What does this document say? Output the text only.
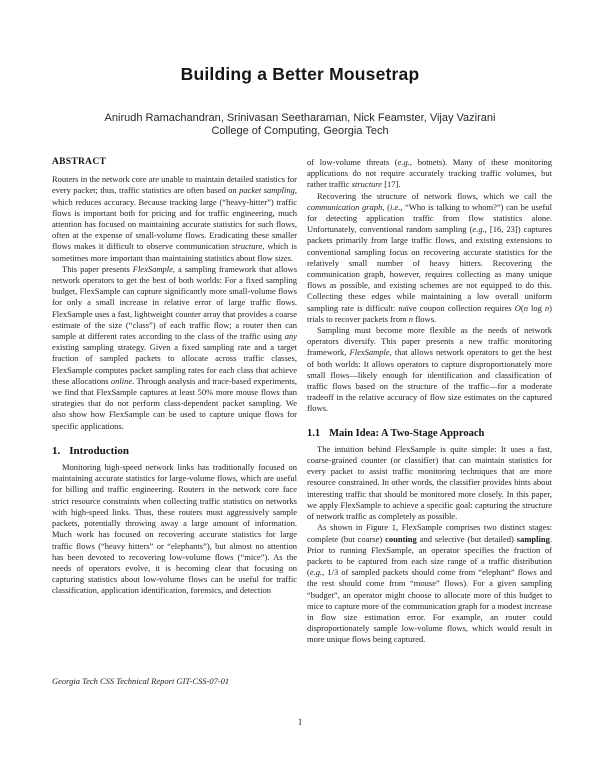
Building a Better Mousetrap
Anirudh Ramachandran, Srinivasan Seetharaman, Nick Feamster, Vijay Vazirani
College of Computing, Georgia Tech
ABSTRACT

Routers in the network core are unable to maintain detailed statistics for every packet; thus, traffic statistics are often based on packet sampling, which reduces accuracy. Because tracking large (“heavy-hitter”) traffic flows is important both for pricing and for traffic engineering, much attention has focused on maintaining accurate statistics for such flows, often at the expense of small-volume flows. Eradicating these smaller flows makes it difficult to observe communication structure, which is sometimes more important than maintaining statistics about flow sizes.

This paper presents FlexSample, a sampling framework that allows network operators to get the best of both worlds: For a fixed sampling budget, FlexSample can capture significantly more small-volume flows for only a small increase in relative error of large traffic flows. FlexSample uses a fast, lightweight counter array that provides a coarse estimate of the size (“class”) of each traffic flow; a router then can sample at different rates according to the class of the traffic using any existing sampling strategy. Given a fixed sampling rate and a target fraction of sampled packets to allocate across traffic classes, FlexSample computes packet sampling rates for each class that achieve these allocations online. Through analysis and trace-based experiments, we find that FlexSample captures at least 50% more mouse flows than strategies that do not perform class-dependent packet sampling. We also show how FlexSample can be used to capture unique flows for specific applications.

1. Introduction

Monitoring high-speed network links has traditionally focused on maintaining accurate statistics for large-volume flows, which are useful for billing and traffic engineering. Routers in the network core face strict resource constraints when collecting traffic statistics on networks with high-speed links. Thus, these routers must aggressively sample packets, potentially throwing away a large amount of information. Much work has focused on recovering accurate statistics for large traffic flows (“heavy hitters” or “elephants”), but almost no attention has been devoted to recovering low-volume flows (“mice”). As the needs of operators evolve, it is becoming clear that focusing on capturing statistics about low-volume flows can be useful for traffic classification, application identification, forensics, and detection

of low-volume threats (e.g., botnets). Many of these monitoring applications do not require accurately tracking traffic volumes, but rather traffic structure [17].

Recovering the structure of network flows, which we call the communication graph, (i.e., “Who is talking to whom?”) can be useful for detecting application traffic from flow statistics alone. Unfortunately, conventional random sampling (e.g., [16, 23]) captures packets primarily from large traffic flows, and existing extensions to conventional sampling focus on recovering accurate statistics for the relatively small number of heavy hitters. Recovering the communication graph, however, requires collecting as many unique flows as possible, and existing schemes are not equipped to do this. Collecting these edges while maintaining a low overall uniform sampling rate is difficult: naïve coupon collection requires O(n log n) trials to recover packets from n flows.

Sampling must become more flexible as the needs of network operators diversify. This paper presents a new traffic monitoring framework, FlexSample, that allows network operators to get the best of both worlds: It allows operators to capture disproportionately more small flows—likely enough for identification and classification of traffic flows based on the structure of the traffic—for a moderate tradeoff in the relative accuracy of flow size estimates on the captured flows.

1.1 Main Idea: A Two-Stage Approach

The intuition behind FlexSample is quite simple: It uses a fast, coarse-grained counter (or classifier) that can maintain statistics for every packet to assist traffic monitoring techniques that are more resource constrained. In other words, the classifier provides hints about interesting traffic that should be monitored more closely. In this paper, we apply FlexSample to achieve a specific goal: capturing the structure of network traffic as completely as possible.

As shown in Figure 1, FlexSample comprises two distinct stages: complete (but coarse) counting and selective (but detailed) sampling. Prior to running FlexSample, an operator specifies the fraction of packets to be captured from each size range of a traffic distribution (e.g., 1/3 of sampled packets should come from “elephant” flows and the rest should come from “mouse” flows). For a given sampling “budget”, an operator might choose to allocate more of this budget to mice to capture more of the communication graph for a modest increase in flow size estimation error. For example, an router could disproportionately sample low-volume flows, which would result in more unique flows being captured.

Georgia Tech CSS Technical Report GIT-CSS-07-01
1
